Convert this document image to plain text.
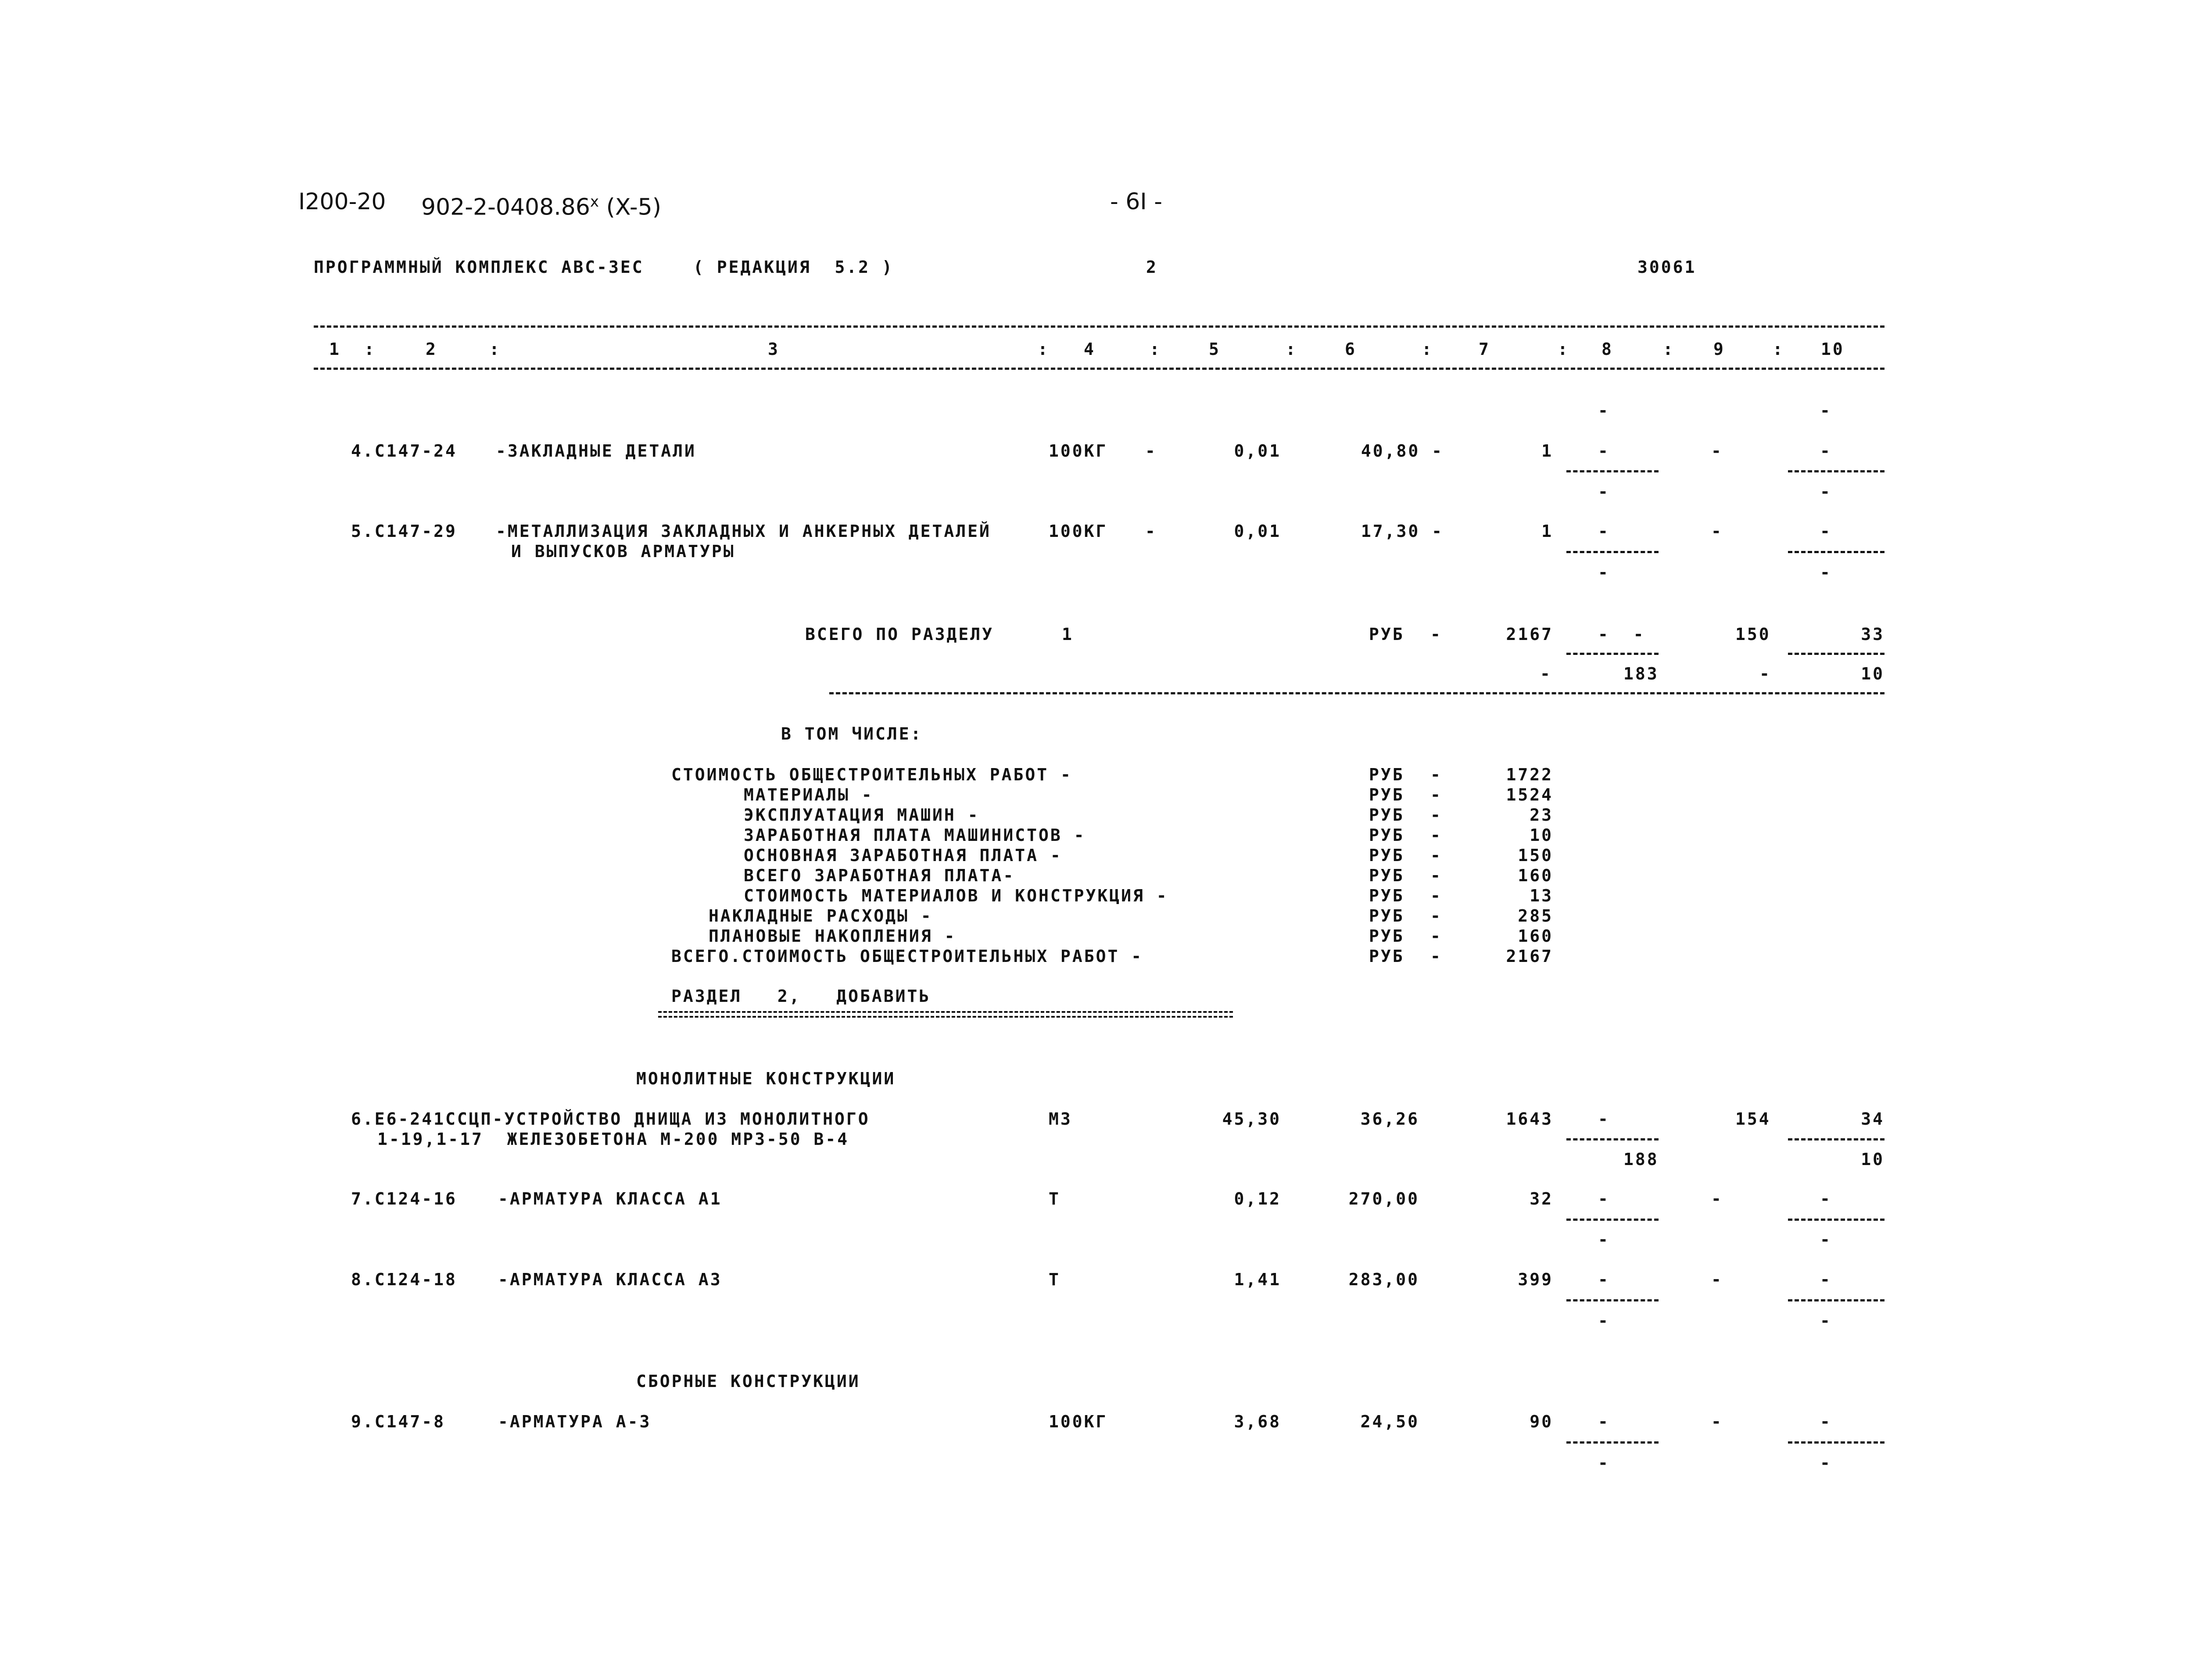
I200-20 902-2-0408.86$^x$ (X-5)	- 6I -
ПРОГРАММНЫЙ КОМПЛЕКС АВС-ЗЕС	( РЕДАКЦИЯ  5.2 )	2	30061
1 :	2	:	3	: 4	:	5	:	6	:	7	: 8	: 9	: 10
-	-
4.С147-24 -ЗАКЛАДНЫЕ ДЕТАЛИ	100КГ -	0,01	40,80 -	1	-	-	-
-	-
5.С147-29 -МЕТАЛЛИЗАЦИЯ ЗАКЛАДНЫХ И АНКЕРНЫХ ДЕТАЛЕЙ
И ВЫПУСКОВ АРМАТУРЫ
100КГ -	0,01	17,30 -	1	-	-	-
-	-
ВСЕГО ПО РАЗДЕЛУ	1	РУБ -	2167	-  -	150	33
-	183	-	10
В ТОМ ЧИСЛЕ:
СТОИМОСТЬ ОБЩЕСТРОИТЕЛЬНЫХ РАБОТ -	РУБ -	1722
МАТЕРИАЛЫ -	РУБ -	1524
ЭКСПЛУАТАЦИЯ МАШИН -	РУБ -	23
ЗАРАБОТНАЯ ПЛАТА МАШИНИСТОВ -	РУБ -	10
ОСНОВНАЯ ЗАРАБОТНАЯ ПЛАТА -	РУБ -	150
ВСЕГО ЗАРАБОТНАЯ ПЛАТА-	РУБ -	160
СТОИМОСТЬ МАТЕРИАЛОВ И КОНСТРУКЦИЯ -	РУБ -	13
НАКЛАДНЫЕ РАСХОДЫ -	РУБ -	285
ПЛАНОВЫЕ НАКОПЛЕНИЯ -	РУБ -	160
ВСЕГО.СТОИМОСТЬ ОБЩЕСТРОИТЕЛЬНЫХ РАБОТ -	РУБ -	2167
РАЗДЕЛ   2,   ДОБАВИТЬ
МОНОЛИТНЫЕ КОНСТРУКЦИИ
6.Е6-241ССЦП-УСТРОЙСТВО ДНИЩА ИЗ МОНОЛИТНОГО
1-19,1-17  ЖЕЛЕЗОБЕТОНА М-200 МРЗ-50 В-4
МЗ	45,30	36,26	1643	-	154	34
188	10
7.С124-16 -АРМАТУРА КЛАССА А1	Т	0,12	270,00	32	-	-	-
-	-
8.С124-18 -АРМАТУРА КЛАССА АЗ	Т	1,41	283,00	399	-	-	-
-	-
СБОРНЫЕ КОНСТРУКЦИИ
9.С147-8	-АРМАТУРА А-3	100КГ	3,68	24,50	90	-	-	-
-	-
